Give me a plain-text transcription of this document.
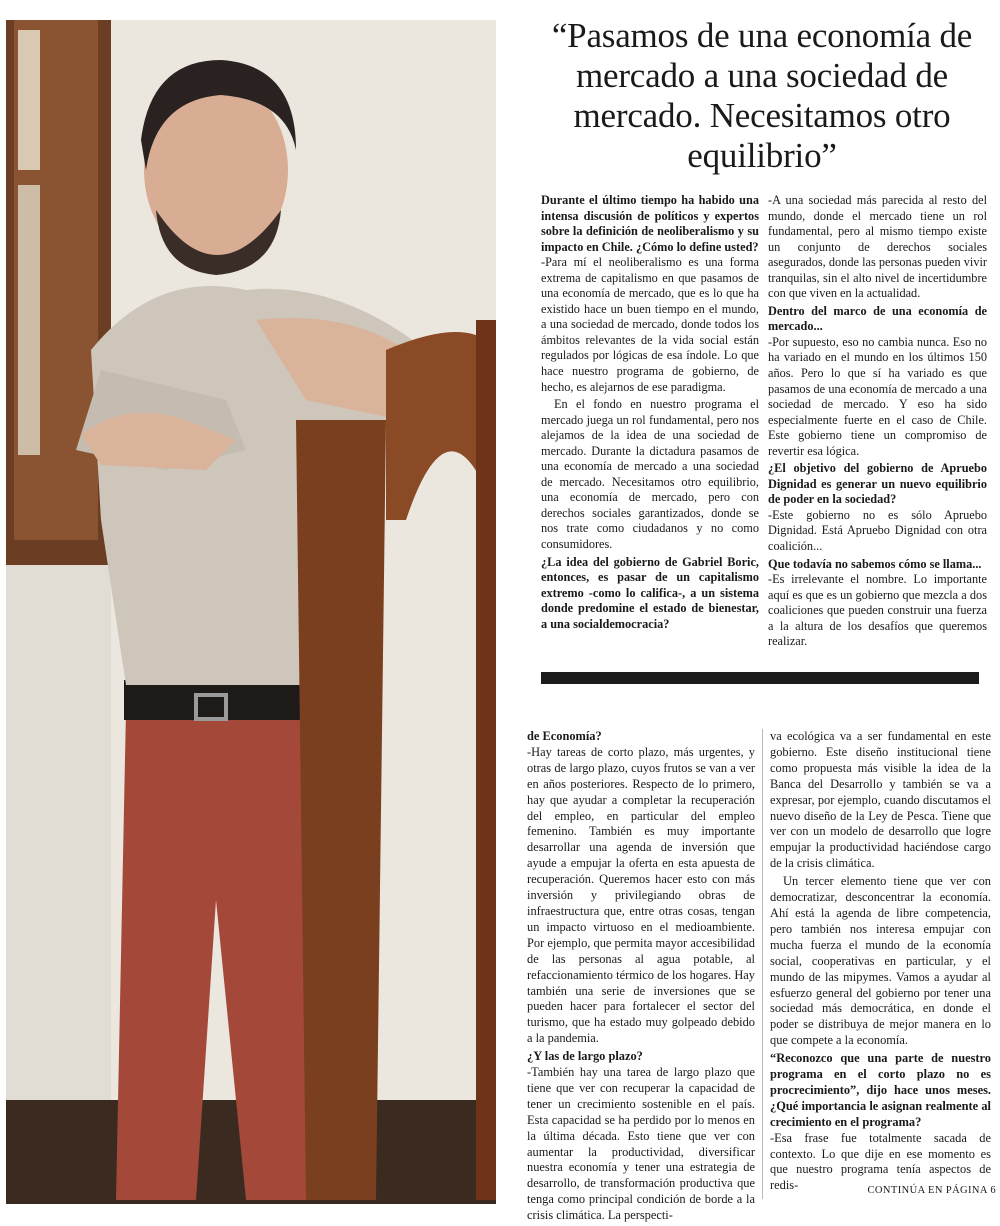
“Pasamos de una economía de mercado a una sociedad de mercado. Necesitamos otro equilibrio”

Durante el último tiempo ha habido una intensa discusión de políticos y expertos sobre la definición de neoliberalismo y su impacto en Chile. ¿Cómo lo define usted?

-Para mí el neoliberalismo es una forma extrema de capitalismo en que pasamos de una economía de mercado, que es lo que ha existido hace un buen tiempo en el mundo, a una sociedad de mercado, donde todos los ámbitos relevantes de la vida social están regulados por lógicas de esa índole. Lo que hace nuestro programa de gobierno, de hecho, es alejarnos de ese paradigma.

En el fondo en nuestro programa el mercado juega un rol fundamental, pero nos alejamos de la idea de una sociedad de mercado. Durante la dictadura pasamos de una economía de mercado a una sociedad de mercado. Necesitamos otro equilibrio, una economía de mercado, pero con derechos sociales garantizados, donde se nos trate como ciudadanos y no como consumidores.

¿La idea del gobierno de Gabriel Boric, entonces, es pasar de un capitalismo extremo -como lo califica-, a un sistema donde predomine el estado de bienestar, a una socialdemocracia?

-A una sociedad más parecida al resto del mundo, donde el mercado tiene un rol fundamental, pero al mismo tiempo existe un conjunto de derechos sociales asegurados, donde las personas pueden vivir tranquilas, sin el alto nivel de incertidumbre con que viven en la actualidad.

Dentro del marco de una economía de mercado...

-Por supuesto, eso no cambia nunca. Eso no ha variado en el mundo en los últimos 150 años. Pero lo que sí ha variado es que pasamos de una economía de mercado a una sociedad de mercado. Y eso ha sido especialmente fuerte en el caso de Chile. Este gobierno tiene un compromiso de revertir esa lógica.

¿El objetivo del gobierno de Apruebo Dignidad es generar un nuevo equilibrio de poder en la sociedad?

-Este gobierno no es sólo Apruebo Dignidad. Está Apruebo Dignidad con otra coalición...

Que todavía no sabemos cómo se llama...

-Es irrelevante el nombre. Lo importante aquí es que es un gobierno que mezcla a dos coaliciones que pueden construir una fuerza a la altura de los desafíos que queremos realizar.

de Economía?

-Hay tareas de corto plazo, más urgentes, y otras de largo plazo, cuyos frutos se van a ver en años posteriores. Respecto de lo primero, hay que ayudar a completar la recuperación del empleo, en particular del empleo femenino. También es muy importante desarrollar una agenda de inversión que ayude a empujar la oferta en esta apuesta de recuperación. Queremos hacer esto con más inversión y privilegiando obras de infraestructura que, entre otras cosas, tengan un impacto virtuoso en el medioambiente. Por ejemplo, que permita mayor accesibilidad de las personas al agua potable, al refaccionamiento térmico de los hogares. Hay también una serie de inversiones que se pueden hacer para fortalecer el sector del turismo, que ha estado muy golpeado debido a la pandemia.

¿Y las de largo plazo?

-También hay una tarea de largo plazo que tiene que ver con recuperar la capacidad de tener un crecimiento sostenible en el país. Esta capacidad se ha perdido por lo menos en la última década. Esto tiene que ver con aumentar la productividad, diversificar nuestra economía y tener una estrategia de desarrollo, de transformación productiva que tenga como principal condición de borde a la crisis climática. La perspecti-

va ecológica va a ser fundamental en este gobierno. Este diseño institucional tiene como propuesta más visible la idea de la Banca del Desarrollo y también se va a expresar, por ejemplo, cuando discutamos el nuevo diseño de la Ley de Pesca. Tiene que ver con un modelo de desarrollo que logre empujar la productividad haciéndose cargo de la crisis climática.

Un tercer elemento tiene que ver con democratizar, desconcentrar la economía. Ahí está la agenda de libre competencia, pero también nos interesa empujar con mucha fuerza el mundo de la economía social, cooperativas en particular, y el mundo de las mipymes. Vamos a ayudar al esfuerzo general del gobierno por tener una sociedad más democrática, en donde el poder se distribuya de mejor manera en lo que compete a la economía.

“Reconozco que una parte de nuestro programa en el corto plazo no es procrecimiento”, dijo hace unos meses. ¿Qué importancia le asignan realmente al crecimiento en el programa?

-Esa frase fue totalmente sacada de contexto. Lo que dije en ese momento es que nuestro programa tenía aspectos de redis-	CONTINÚA EN PÁGINA 6
